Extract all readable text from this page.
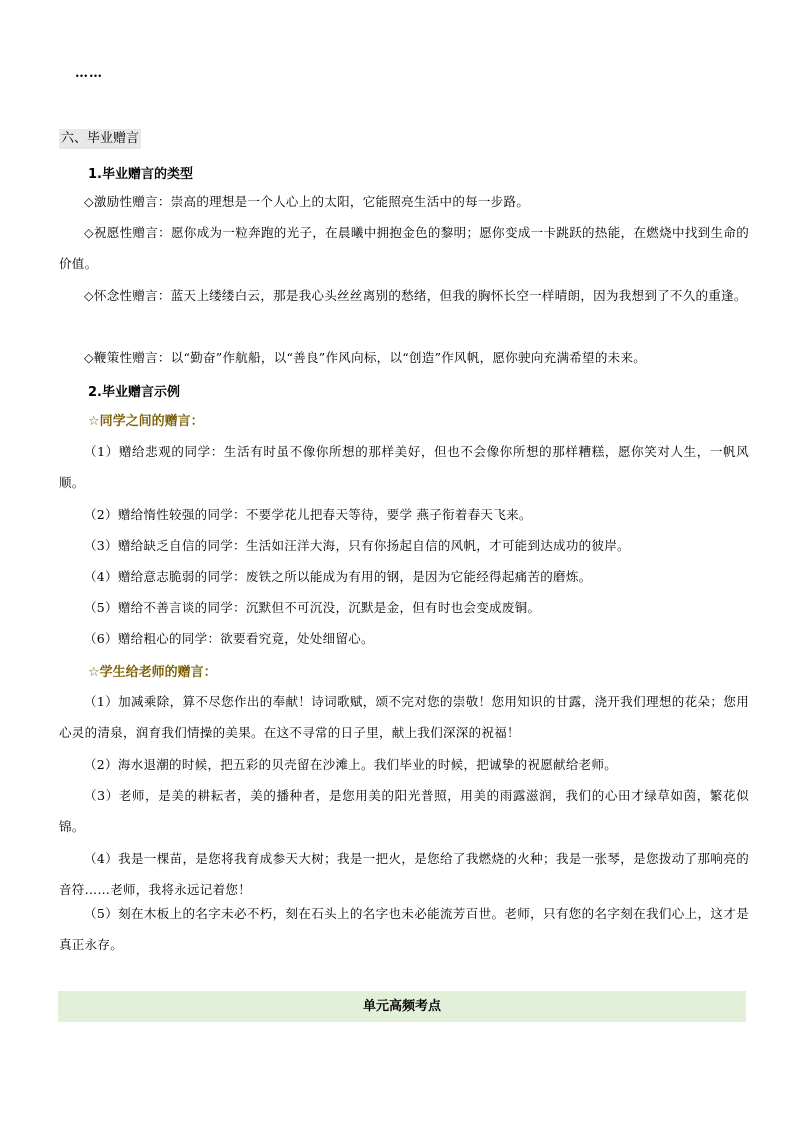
……
六、毕业赠言
1.毕业赠言的类型
◇激励性赠言：崇高的理想是一个人心上的太阳，它能照亮生活中的每一步路。
◇祝愿性赠言：愿你成为一粒奔跑的光子，在晨曦中拥抱金色的黎明；愿你变成一卡跳跃的热能，在燃烧中找到生命的价值。
◇怀念性赠言：蓝天上缕缕白云，那是我心头丝丝离别的愁绪，但我的胸怀长空一样晴朗，因为我想到了不久的重逢。
◇鞭策性赠言：以“勤奋”作航船，以“善良”作风向标，以“创造”作风帆，愿你驶向充满希望的未来。
2.毕业赠言示例
☆同学之间的赠言：
（1）赠给悲观的同学：生活有时虽不像你所想的那样美好，但也不会像你所想的那样糟糕，愿你笑对人生，一帆风顺。
（2）赠给惰性较强的同学：不要学花儿把春天等待，要学 燕子衔着春天飞来。
（3）赠给缺乏自信的同学：生活如汪洋大海，只有你扬起自信的风帆，才可能到达成功的彼岸。
（4）赠给意志脆弱的同学：废铁之所以能成为有用的钢，是因为它能经得起痛苦的磨炼。
（5）赠给不善言谈的同学：沉默但不可沉没，沉默是金，但有时也会变成废铜。
（6）赠给粗心的同学：欲要看究竟，处处细留心。
☆学生给老师的赠言：
（1）加减乘除，算不尽您作出的奉献！诗词歌赋，颂不完对您的崇敬！您用知识的甘露，浇开我们理想的花朵；您用心灵的清泉，润育我们情操的美果。在这不寻常的日子里，献上我们深深的祝福！
（2）海水退潮的时候，把五彩的贝壳留在沙滩上。我们毕业的时候，把诚挚的祝愿献给老师。
（3）老师，是美的耕耘者，美的播种者，是您用美的阳光普照，用美的雨露滋润，我们的心田才绿草如茵，繁花似锦。
（4）我是一棵苗，是您将我育成参天大树；我是一把火，是您给了我燃烧的火种；我是一张琴，是您拨动了那响亮的音符……老师，我将永远记着您！
（5）刻在木板上的名字未必不朽，刻在石头上的名字也未必能流芳百世。老师，只有您的名字刻在我们心上，这才是真正永存。
单元高频考点
